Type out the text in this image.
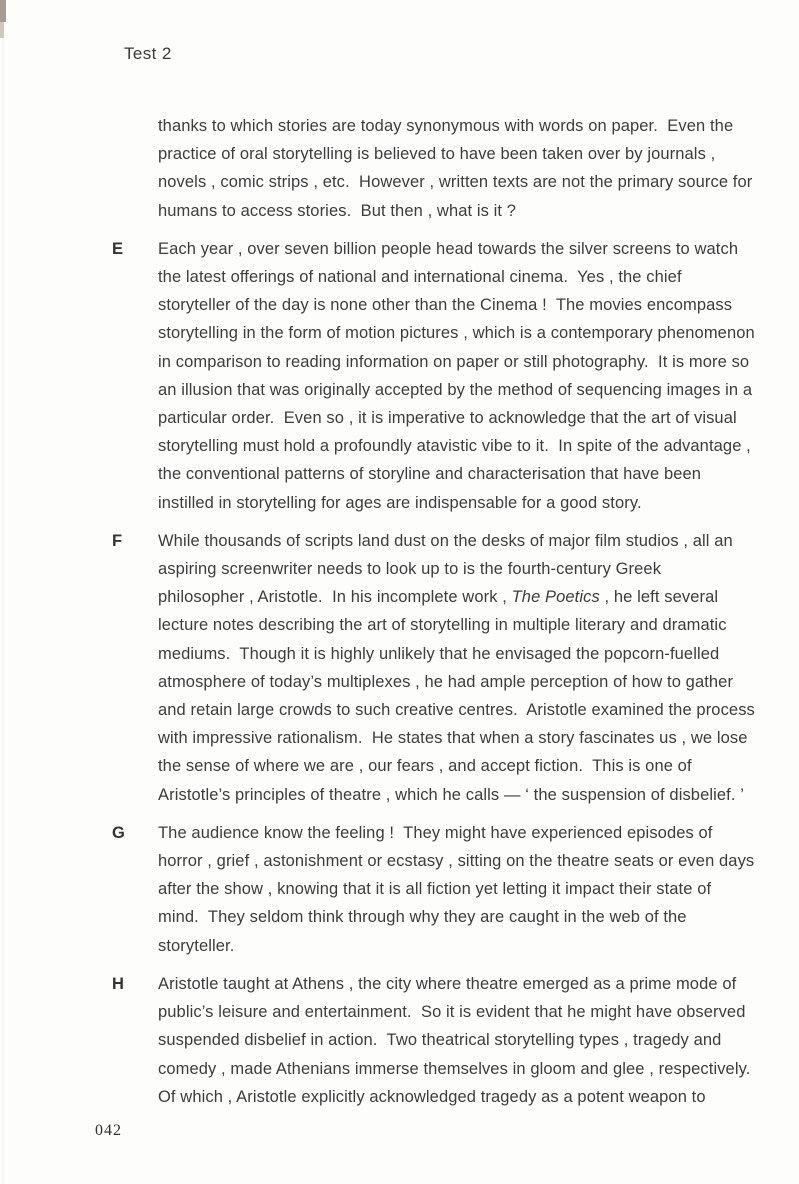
Test 2
thanks to which stories are today synonymous with words on paper.  Even the
practice of oral storytelling is believed to have been taken over by journals ,
novels , comic strips , etc.  However , written texts are not the primary source for
humans to access stories.  But then , what is it ?
E	Each year , over seven billion people head towards the silver screens to watch
the latest offerings of national and international cinema.  Yes , the chief
storyteller of the day is none other than the Cinema !  The movies encompass
storytelling in the form of motion pictures , which is a contemporary phenomenon
in comparison to reading information on paper or still photography.  It is more so
an illusion that was originally accepted by the method of sequencing images in a
particular order.  Even so , it is imperative to acknowledge that the art of visual
storytelling must hold a profoundly atavistic vibe to it.  In spite of the advantage ,
the conventional patterns of storyline and characterisation that have been
instilled in storytelling for ages are indispensable for a good story.
F	While thousands of scripts land dust on the desks of major film studios , all an
aspiring screenwriter needs to look up to is the fourth-century Greek
philosopher , Aristotle.  In his incomplete work , The Poetics , he left several
lecture notes describing the art of storytelling in multiple literary and dramatic
mediums.  Though it is highly unlikely that he envisaged the popcorn-fuelled
atmosphere of today’s multiplexes , he had ample perception of how to gather
and retain large crowds to such creative centres.  Aristotle examined the process
with impressive rationalism.  He states that when a story fascinates us , we lose
the sense of where we are , our fears , and accept fiction.  This is one of
Aristotle’s principles of theatre , which he calls — ‘ the suspension of disbelief. ’
G	The audience know the feeling !  They might have experienced episodes of
horror , grief , astonishment or ecstasy , sitting on the theatre seats or even days
after the show , knowing that it is all fiction yet letting it impact their state of
mind.  They seldom think through why they are caught in the web of the
storyteller.
H	Aristotle taught at Athens , the city where theatre emerged as a prime mode of
public’s leisure and entertainment.  So it is evident that he might have observed
suspended disbelief in action.  Two theatrical storytelling types , tragedy and
comedy , made Athenians immerse themselves in gloom and glee , respectively.
Of which , Aristotle explicitly acknowledged tragedy as a potent weapon to
042
